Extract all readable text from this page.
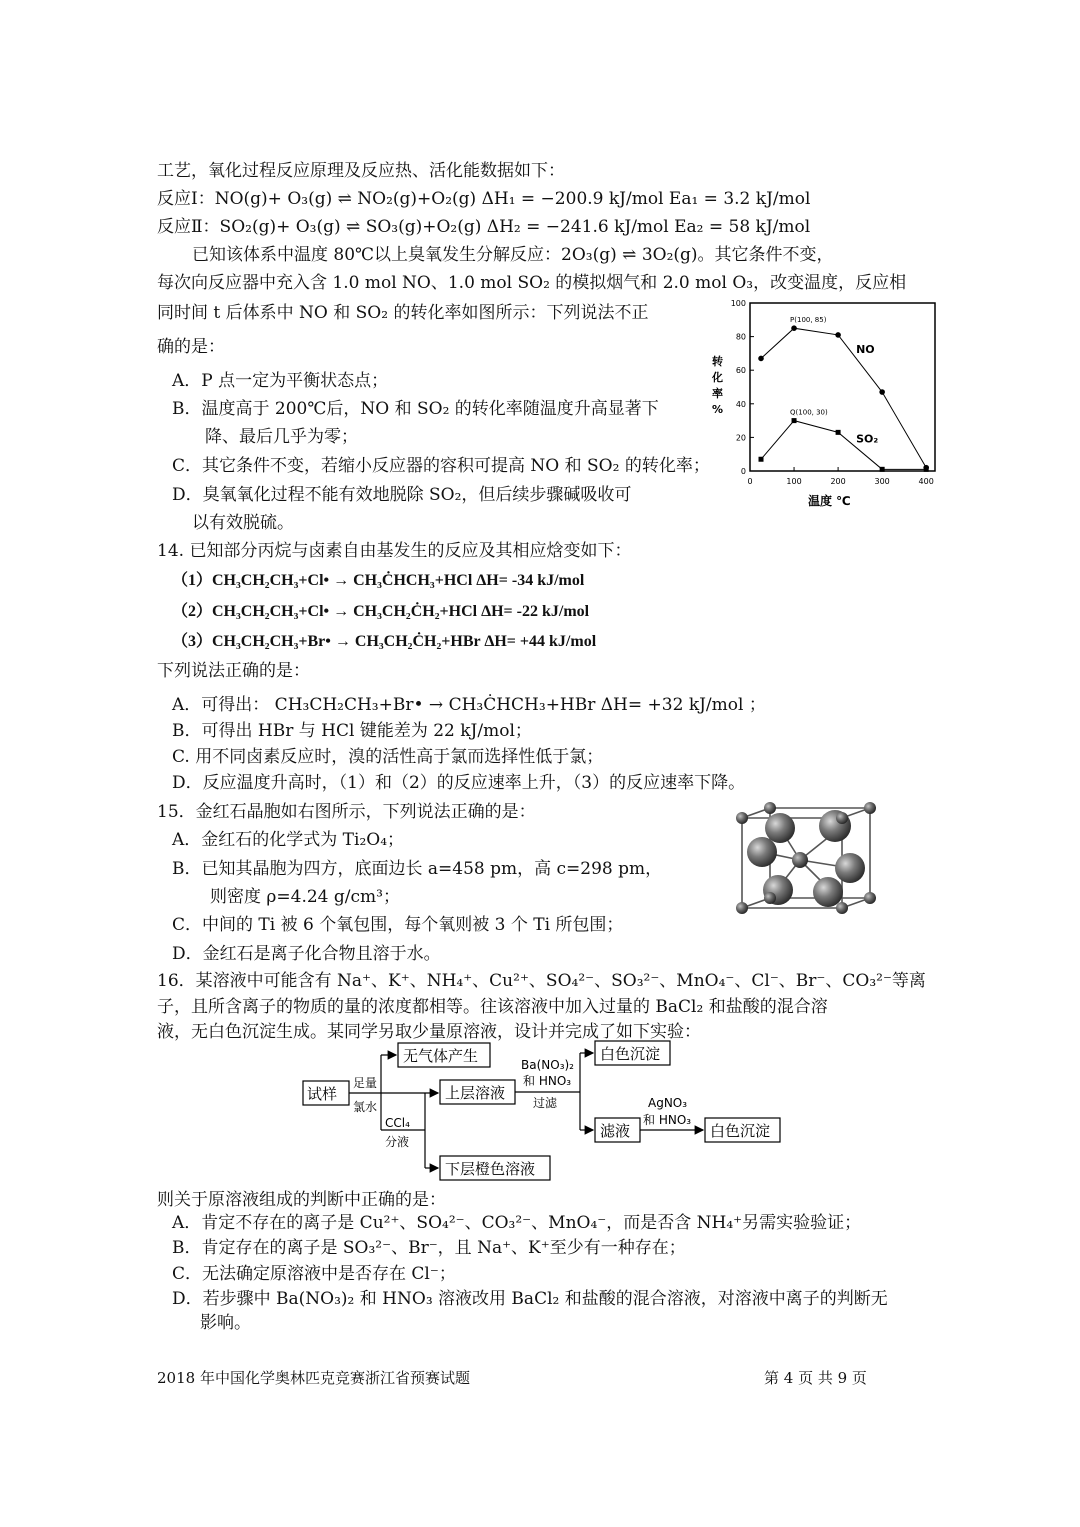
工艺，氧化过程反应原理及反应热、活化能数据如下：
反应Ⅰ：NO(g)+ O₃(g) ⇌ NO₂(g)+O₂(g) ΔH₁ = −200.9 kJ/mol Ea₁ = 3.2 kJ/mol
反应Ⅱ：SO₂(g)+ O₃(g) ⇌ SO₃(g)+O₂(g) ΔH₂ = −241.6 kJ/mol Ea₂ = 58 kJ/mol
已知该体系中温度 80℃以上臭氧发生分解反应：2O₃(g) ⇌ 3O₂(g)。其它条件不变，
每次向反应器中充入含 1.0 mol NO、1.0 mol SO₂ 的模拟烟气和 2.0 mol O₃，改变温度，反应相
同时间 t 后体系中 NO 和 SO₂ 的转化率如图所示：下列说法不正
确的是：
A．P 点一定为平衡状态点；
B．温度高于 200℃后，NO 和 SO₂ 的转化率随温度升高显著下
降、最后几乎为零；
C．其它条件不变，若缩小反应器的容积可提高 NO 和 SO₂ 的转化率；
D．臭氧氧化过程不能有效地脱除 SO₂，但后续步骤碱吸收可
以有效脱硫。
14. 已知部分丙烷与卤素自由基发生的反应及其相应焓变如下：
（1）CH₃CH₂CH₃+Cl• → CH₃ĊHCH₃+HCl ΔH= -34 kJ/mol
（2）CH₃CH₂CH₃+Cl• → CH₃CH₂ĊH₂+HCl ΔH= -22 kJ/mol
（3）CH₃CH₂CH₃+Br• → CH₃CH₂ĊH₂+HBr ΔH= +44 kJ/mol
下列说法正确的是：
A．可得出： CH₃CH₂CH₃+Br• → CH₃ĊHCH₃+HBr ΔH= +32 kJ/mol ；
B．可得出 HBr 与 HCl 键能差为 22 kJ/mol；
C. 用不同卤素反应时，溴的活性高于氯而选择性低于氯；
D．反应温度升高时，（1）和（2）的反应速率上升，（3）的反应速率下降。
15．金红石晶胞如右图所示，下列说法正确的是：
A．金红石的化学式为 Ti₂O₄；
B．已知其晶胞为四方，底面边长 a=458 pm，高 c=298 pm，
则密度 ρ=4.24 g/cm³；
C．中间的 Ti 被 6 个氧包围，每个氧则被 3 个 Ti 所包围；
D．金红石是离子化合物且溶于水。
16．某溶液中可能含有 Na⁺、K⁺、NH₄⁺、Cu²⁺、SO₄²⁻、SO₃²⁻、MnO₄⁻、Cl⁻、Br⁻、CO₃²⁻等离
子，且所含离子的物质的量的浓度都相等。往该溶液中加入过量的 BaCl₂ 和盐酸的混合溶
液，无白色沉淀生成。某同学另取少量原溶液，设计并完成了如下实验：
则关于原溶液组成的判断中正确的是：
A．肯定不存在的离子是 Cu²⁺、SO₄²⁻、CO₃²⁻、MnO₄⁻，而是否含 NH₄⁺另需实验验证；
B．肯定存在的离子是 SO₃²⁻、Br⁻，且 Na⁺、K⁺至少有一种存在；
C．无法确定原溶液中是否存在 Cl⁻；
D．若步骤中 Ba(NO₃)₂ 和 HNO₃ 溶液改用 BaCl₂ 和盐酸的混合溶液，对溶液中离子的判断无
影响。
0
20
40
60
80
100
0	100	200	300	400
NO
SO₂
P(100, 85)
Q(100, 30)
转化率%
温度 ℃
试样
无气体产生
上层溶液
白色沉淀
滤液	白色沉淀
下层橙色溶液
足量
氯水
Ba(NO₃)₂
和 HNO₃
过滤	AgNO₃
和 HNO₃
CCl₄
分液
2018 年中国化学奥林匹克竞赛浙江省预赛试题	第 4 页 共 9 页
